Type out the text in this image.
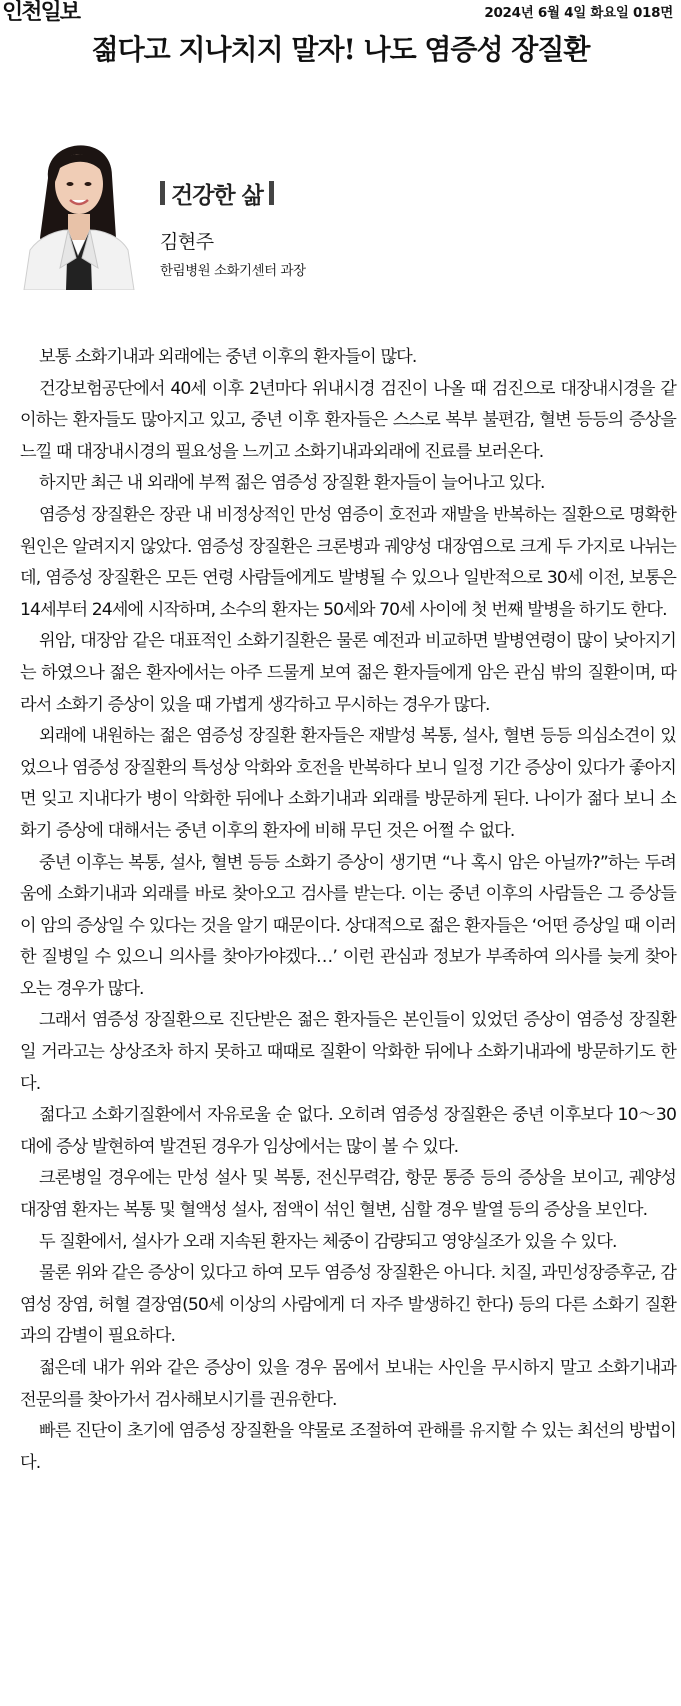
인천일보	2024년 6월 4일 화요일 018면
젊다고 지나치지 말자! 나도 염증성 장질환
건강한 삶
김현주
한림병원 소화기센터 과장

보통 소화기내과 외래에는 중년 이후의 환자들이 많다.

건강보험공단에서 40세 이후 2년마다 위내시경 검진이 나올 때 검진으로 대장내시경을 같이하는 환자들도 많아지고 있고, 중년 이후 환자들은 스스로 복부 불편감, 혈변 등등의 증상을 느낄 때 대장내시경의 필요성을 느끼고 소화기내과외래에 진료를 보러온다.

하지만 최근 내 외래에 부쩍 젊은 염증성 장질환 환자들이 늘어나고 있다.

염증성 장질환은 장관 내 비정상적인 만성 염증이 호전과 재발을 반복하는 질환으로 명확한 원인은 알려지지 않았다. 염증성 장질환은 크론병과 궤양성 대장염으로 크게 두 가지로 나뉘는데, 염증성 장질환은 모든 연령 사람들에게도 발병될 수 있으나 일반적으로 30세 이전, 보통은 14세부터 24세에 시작하며, 소수의 환자는 50세와 70세 사이에 첫 번째 발병을 하기도 한다.

위암, 대장암 같은 대표적인 소화기질환은 물론 예전과 비교하면 발병연령이 많이 낮아지기는 하였으나 젊은 환자에서는 아주 드물게 보여 젊은 환자들에게 암은 관심 밖의 질환이며, 따라서 소화기 증상이 있을 때 가볍게 생각하고 무시하는 경우가 많다.

외래에 내원하는 젊은 염증성 장질환 환자들은 재발성 복통, 설사, 혈변 등등 의심소견이 있었으나 염증성 장질환의 특성상 악화와 호전을 반복하다 보니 일정 기간 증상이 있다가 좋아지면 잊고 지내다가 병이 악화한 뒤에나 소화기내과 외래를 방문하게 된다. 나이가 젊다 보니 소화기 증상에 대해서는 중년 이후의 환자에 비해 무딘 것은 어쩔 수 없다.

중년 이후는 복통, 설사, 혈변 등등 소화기 증상이 생기면 “나 혹시 암은 아닐까?”하는 두려움에 소화기내과 외래를 바로 찾아오고 검사를 받는다. 이는 중년 이후의 사람들은 그 증상들이 암의 증상일 수 있다는 것을 알기 때문이다. 상대적으로 젊은 환자들은 ‘어떤 증상일 때 이러한 질병일 수 있으니 의사를 찾아가야겠다…’ 이런 관심과 정보가 부족하여 의사를 늦게 찾아오는 경우가 많다.

그래서 염증성 장질환으로 진단받은 젊은 환자들은 본인들이 있었던 증상이 염증성 장질환일 거라고는 상상조차 하지 못하고 때때로 질환이 악화한 뒤에나 소화기내과에 방문하기도 한다.

젊다고 소화기질환에서 자유로울 순 없다. 오히려 염증성 장질환은 중년 이후보다 10～30대에 증상 발현하여 발견된 경우가 임상에서는 많이 볼 수 있다.

크론병일 경우에는 만성 설사 및 복통, 전신무력감, 항문 통증 등의 증상을 보이고, 궤양성 대장염 환자는 복통 및 혈액성 설사, 점액이 섞인 혈변, 심할 경우 발열 등의 증상을 보인다.

두 질환에서, 설사가 오래 지속된 환자는 체중이 감량되고 영양실조가 있을 수 있다.

물론 위와 같은 증상이 있다고 하여 모두 염증성 장질환은 아니다. 치질, 과민성장증후군, 감염성 장염, 허혈 결장염(50세 이상의 사람에게 더 자주 발생하긴 한다) 등의 다른 소화기 질환과의 감별이 필요하다.

젊은데 내가 위와 같은 증상이 있을 경우 몸에서 보내는 사인을 무시하지 말고 소화기내과 전문의를 찾아가서 검사해보시기를 권유한다.

빠른 진단이 초기에 염증성 장질환을 약물로 조절하여 관해를 유지할 수 있는 최선의 방법이다.
